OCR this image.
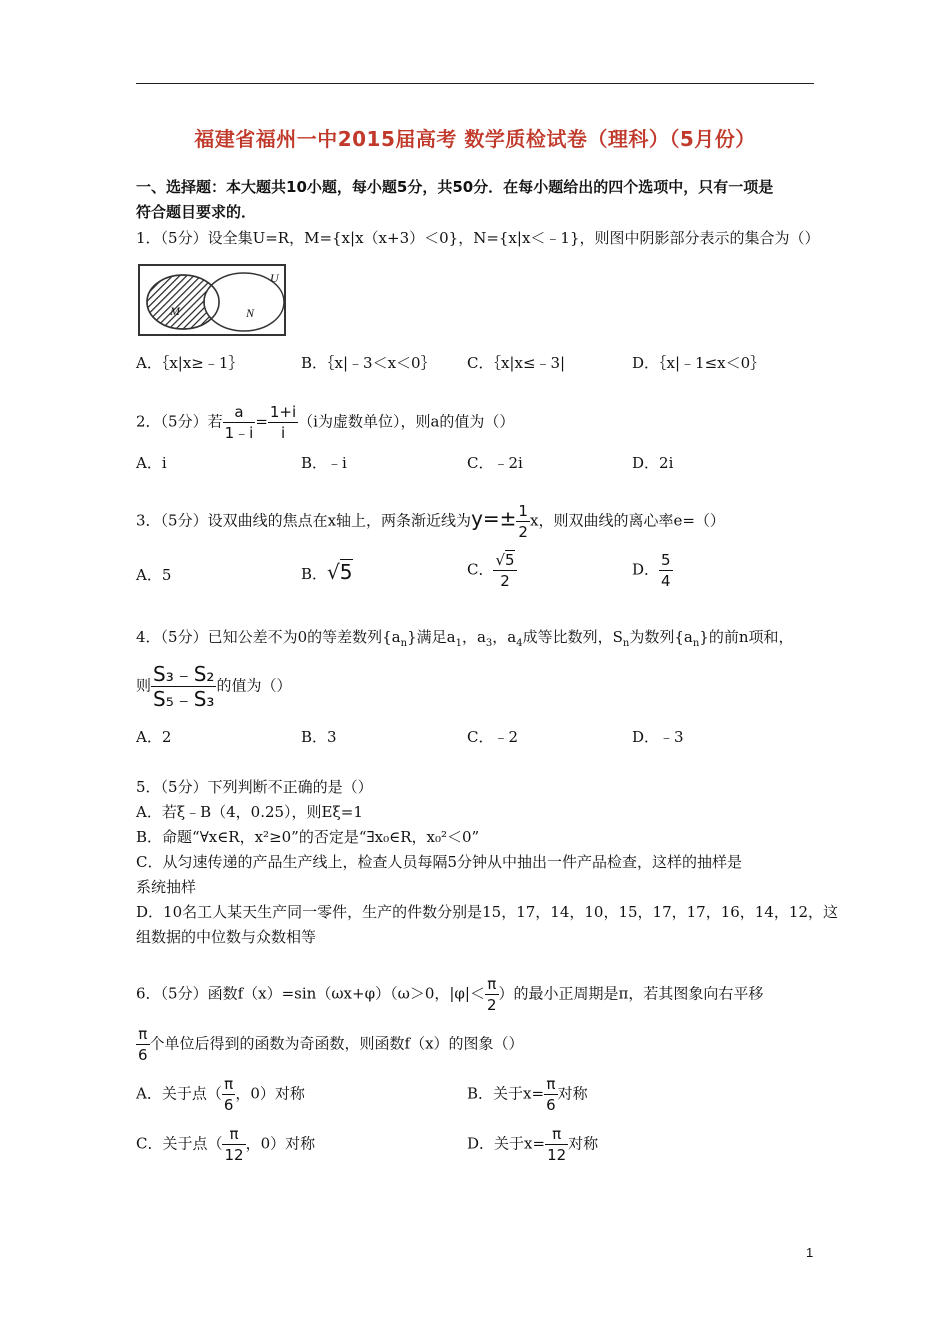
福建省福州一中2015届高考 数学质检试卷（理科）（5月份）
一、选择题：本大题共10小题，每小题5分，共50分．在每小题给出的四个选项中，只有一项是
符合题目要求的．
1．（5分）设全集U=R，M={x|x（x+3）＜0}，N={x|x＜﹣1}，则图中阴影部分表示的集合为（）
M	N
U
A．｛x|x≥﹣1｝	B．｛x|﹣3＜x＜0｝ C．｛x|x≤﹣3|	D．｛x|﹣1≤x＜0｝
2．（5分）若 $\frac{a}{1﹣i} = \frac{1+i}{i} (i$为虚数单位），则a的值为（）
A．i	B．﹣i	C．﹣2i	D．2i
3．（5分）设双曲线的焦点在x轴上，两条渐近线为$y=\pm \frac{1}{2}$ x，则双曲线的离心率e=（）
A．5	B．√5	C． $\frac{√5}{2}$	D． $\frac{5}{4}$
4．（5分）已知公差不为0的等差数列$\{a_n\}$满足$a_1$，$a_3$，$a_4$成等比数列，$S_n$为数列$\{a_n\}$的前n项和，
则 $\frac{\text{S₃﹣S₂}}{\text{S₅﹣S₃}}$ 的值为（）
A．2	B．3	C．﹣2	D．﹣3
5．（5分）下列判断不正确的是（）
A．若ξ﹣B（4，0.25），则Eξ=1
B．命题“∀x∈R，x²≥0”的否定是“∃x₀∈R，x₀²＜0”
C．从匀速传递的产品生产线上，检查人员每隔5分钟从中抽出一件产品检查，这样的抽样是
系统抽样
D．10名工人某天生产同一零件，生产的件数分别是15，17，14，10，15，17，17，16，14，12，这
组数据的中位数与众数相等
6．（5分）函数f（x）=sin（ωx+φ）（ω＞0，$|\varphi|< \frac{\pi}{2}$ ）的最小正周期是π，若其图象向右平移
$\frac{\pi}{6}$ 个单位后得到的函数为奇函数，则函数f（x）的图象（）
A．关于点（ $\frac{\pi}{6}$ ，0）对称	B．关于$x= \frac{\pi}{6}$ 对称
C．关于点（ $\frac{\pi}{12}$ ，0）对称	D．关于$x= \frac{\pi}{12}$ 对称
1
